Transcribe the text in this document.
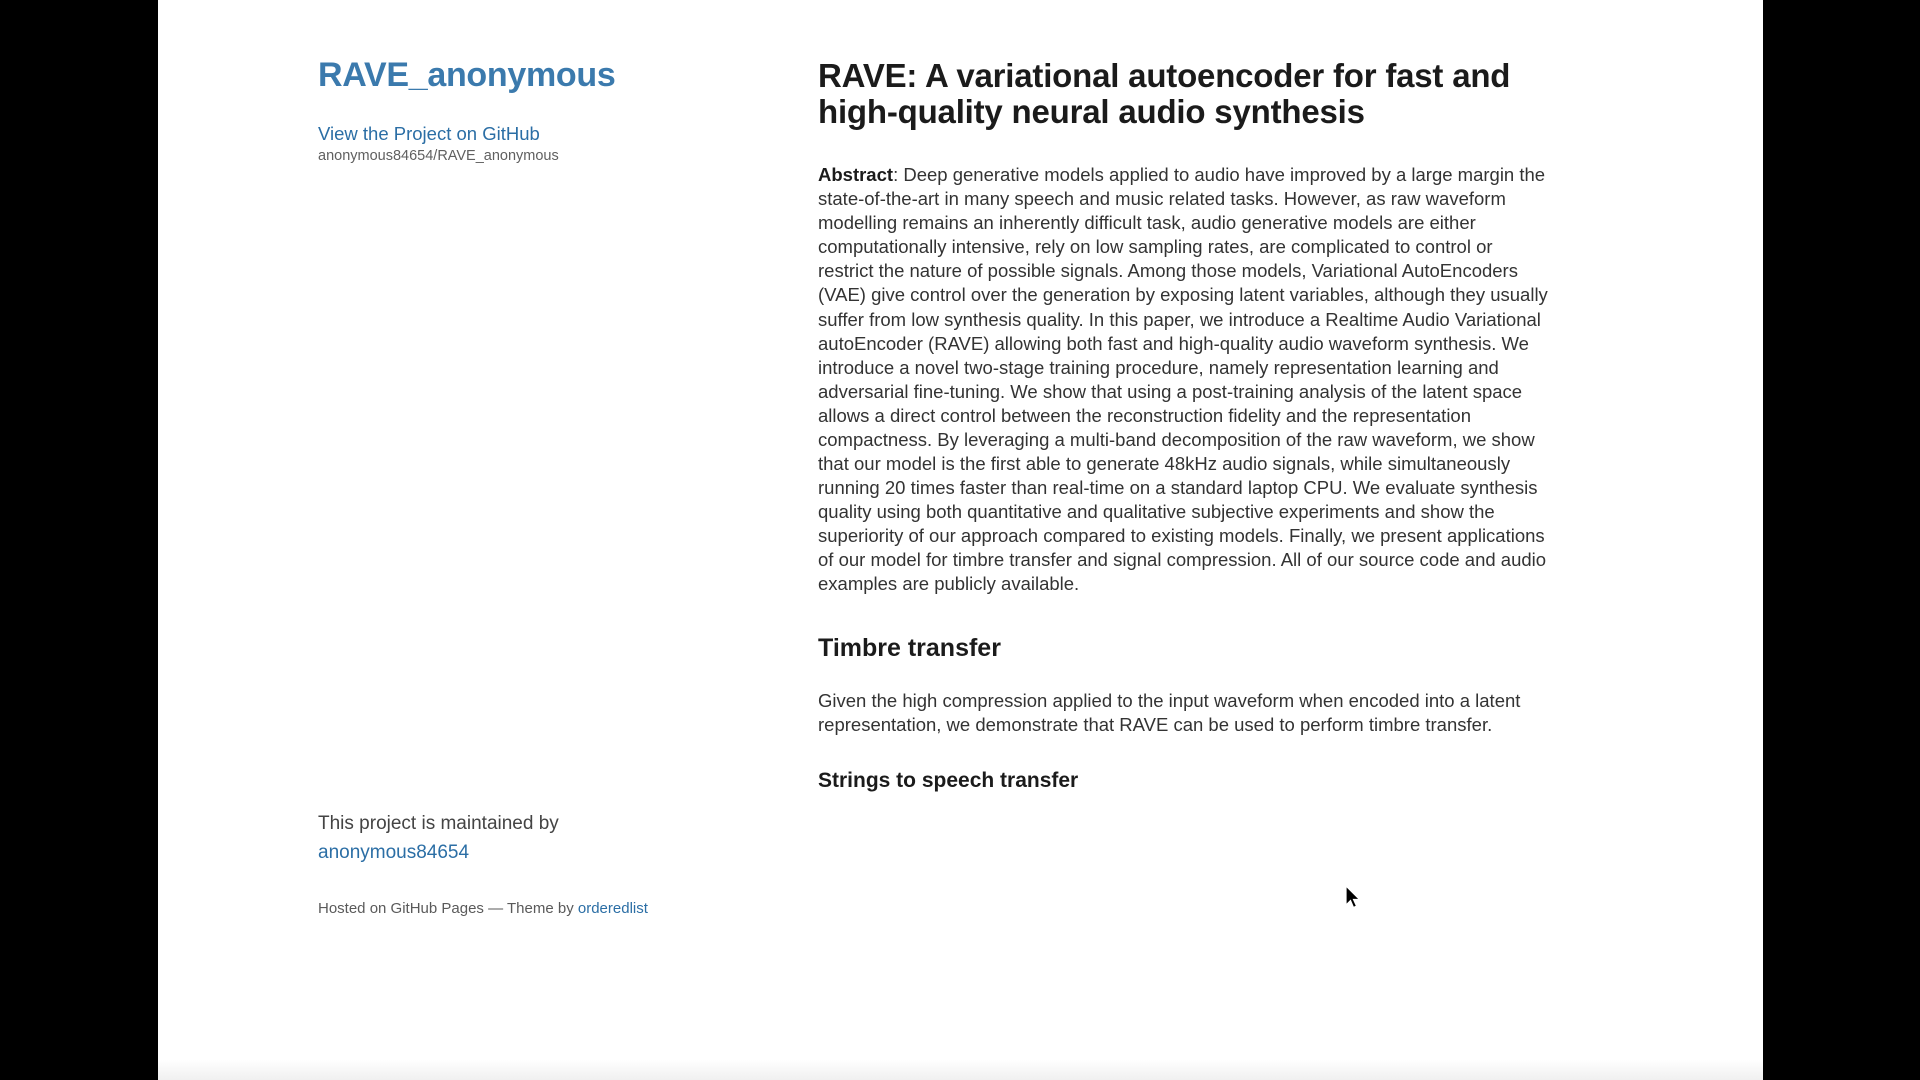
RAVE_anonymous
View the Project on GitHub

anonymous84654/RAVE_anonymous

This project is maintained by
anonymous84654

Hosted on GitHub Pages — Theme by orderedlist

RAVE: A variational autoencoder for fast and high-quality neural audio synthesis

Abstract: Deep generative models applied to audio have improved by a large margin the state-of-the-art in many speech and music related tasks. However, as raw waveform modelling remains an inherently difficult task, audio generative models are either computationally intensive, rely on low sampling rates, are complicated to control or restrict the nature of possible signals. Among those models, Variational AutoEncoders (VAE) give control over the generation by exposing latent variables, although they usually suffer from low synthesis quality. In this paper, we introduce a Realtime Audio Variational autoEncoder (RAVE) allowing both fast and high-quality audio waveform synthesis. We introduce a novel two-stage training procedure, namely representation learning and adversarial fine-tuning. We show that using a post-training analysis of the latent space allows a direct control between the reconstruction fidelity and the representation compactness. By leveraging a multi-band decomposition of the raw waveform, we show that our model is the first able to generate 48kHz audio signals, while simultaneously running 20 times faster than real-time on a standard laptop CPU. We evaluate synthesis quality using both quantitative and qualitative subjective experiments and show the superiority of our approach compared to existing models. Finally, we present applications of our model for timbre transfer and signal compression. All of our source code and audio examples are publicly available.

Timbre transfer

Given the high compression applied to the input waveform when encoded into a latent representation, we demonstrate that RAVE can be used to perform timbre transfer.

Strings to speech transfer
